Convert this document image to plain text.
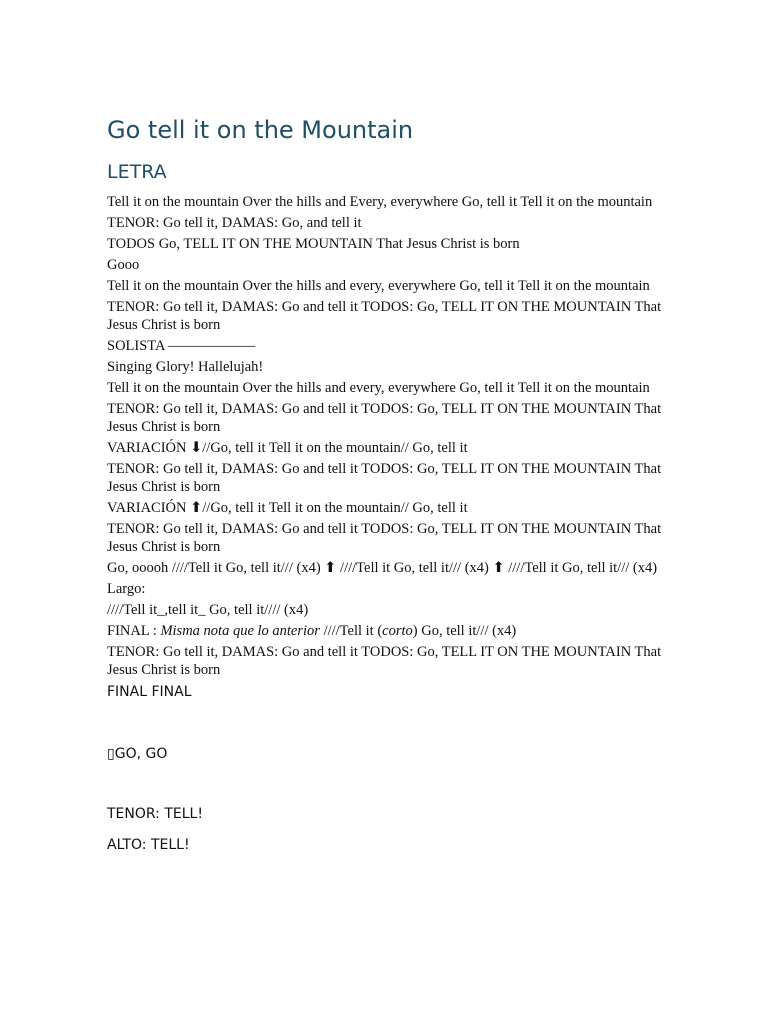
Go tell it on the Mountain
LETRA

Tell it on the mountain Over the hills and Every, everywhere Go, tell it Tell it on the mountain

TENOR: Go tell it, DAMAS: Go, and tell it

TODOS Go, TELL IT ON THE MOUNTAIN That Jesus Christ is born

Gooo

Tell it on the mountain Over the hills and every, everywhere Go, tell it Tell it on the mountain

TENOR: Go tell it, DAMAS: Go and tell it TODOS: Go, TELL IT ON THE MOUNTAIN That Jesus Christ is born

SOLISTA ——————

Singing Glory! Hallelujah!

Tell it on the mountain Over the hills and every, everywhere Go, tell it Tell it on the mountain

TENOR: Go tell it, DAMAS: Go and tell it TODOS: Go, TELL IT ON THE MOUNTAIN That Jesus Christ is born

VARIACIÓN ⬇//Go, tell it Tell it on the mountain// Go, tell it

TENOR: Go tell it, DAMAS: Go and tell it TODOS: Go, TELL IT ON THE MOUNTAIN That Jesus Christ is born

VARIACIÓN ⬆//Go, tell it Tell it on the mountain// Go, tell it

TENOR: Go tell it, DAMAS: Go and tell it TODOS: Go, TELL IT ON THE MOUNTAIN That Jesus Christ is born

Go, ooooh ////Tell it Go, tell it/// (x4) ⬆ ////Tell it Go, tell it/// (x4) ⬆ ////Tell it Go, tell it/// (x4)

Largo:

////Tell it_,tell it_ Go, tell it//// (x4)

FINAL : Misma nota que lo anterior ////Tell it (corto) Go, tell it/// (x4)

TENOR: Go tell it, DAMAS: Go and tell it TODOS: Go, TELL IT ON THE MOUNTAIN That Jesus Christ is born

FINAL FINAL

▯GO, GO

TENOR: TELL!

ALTO: TELL!
